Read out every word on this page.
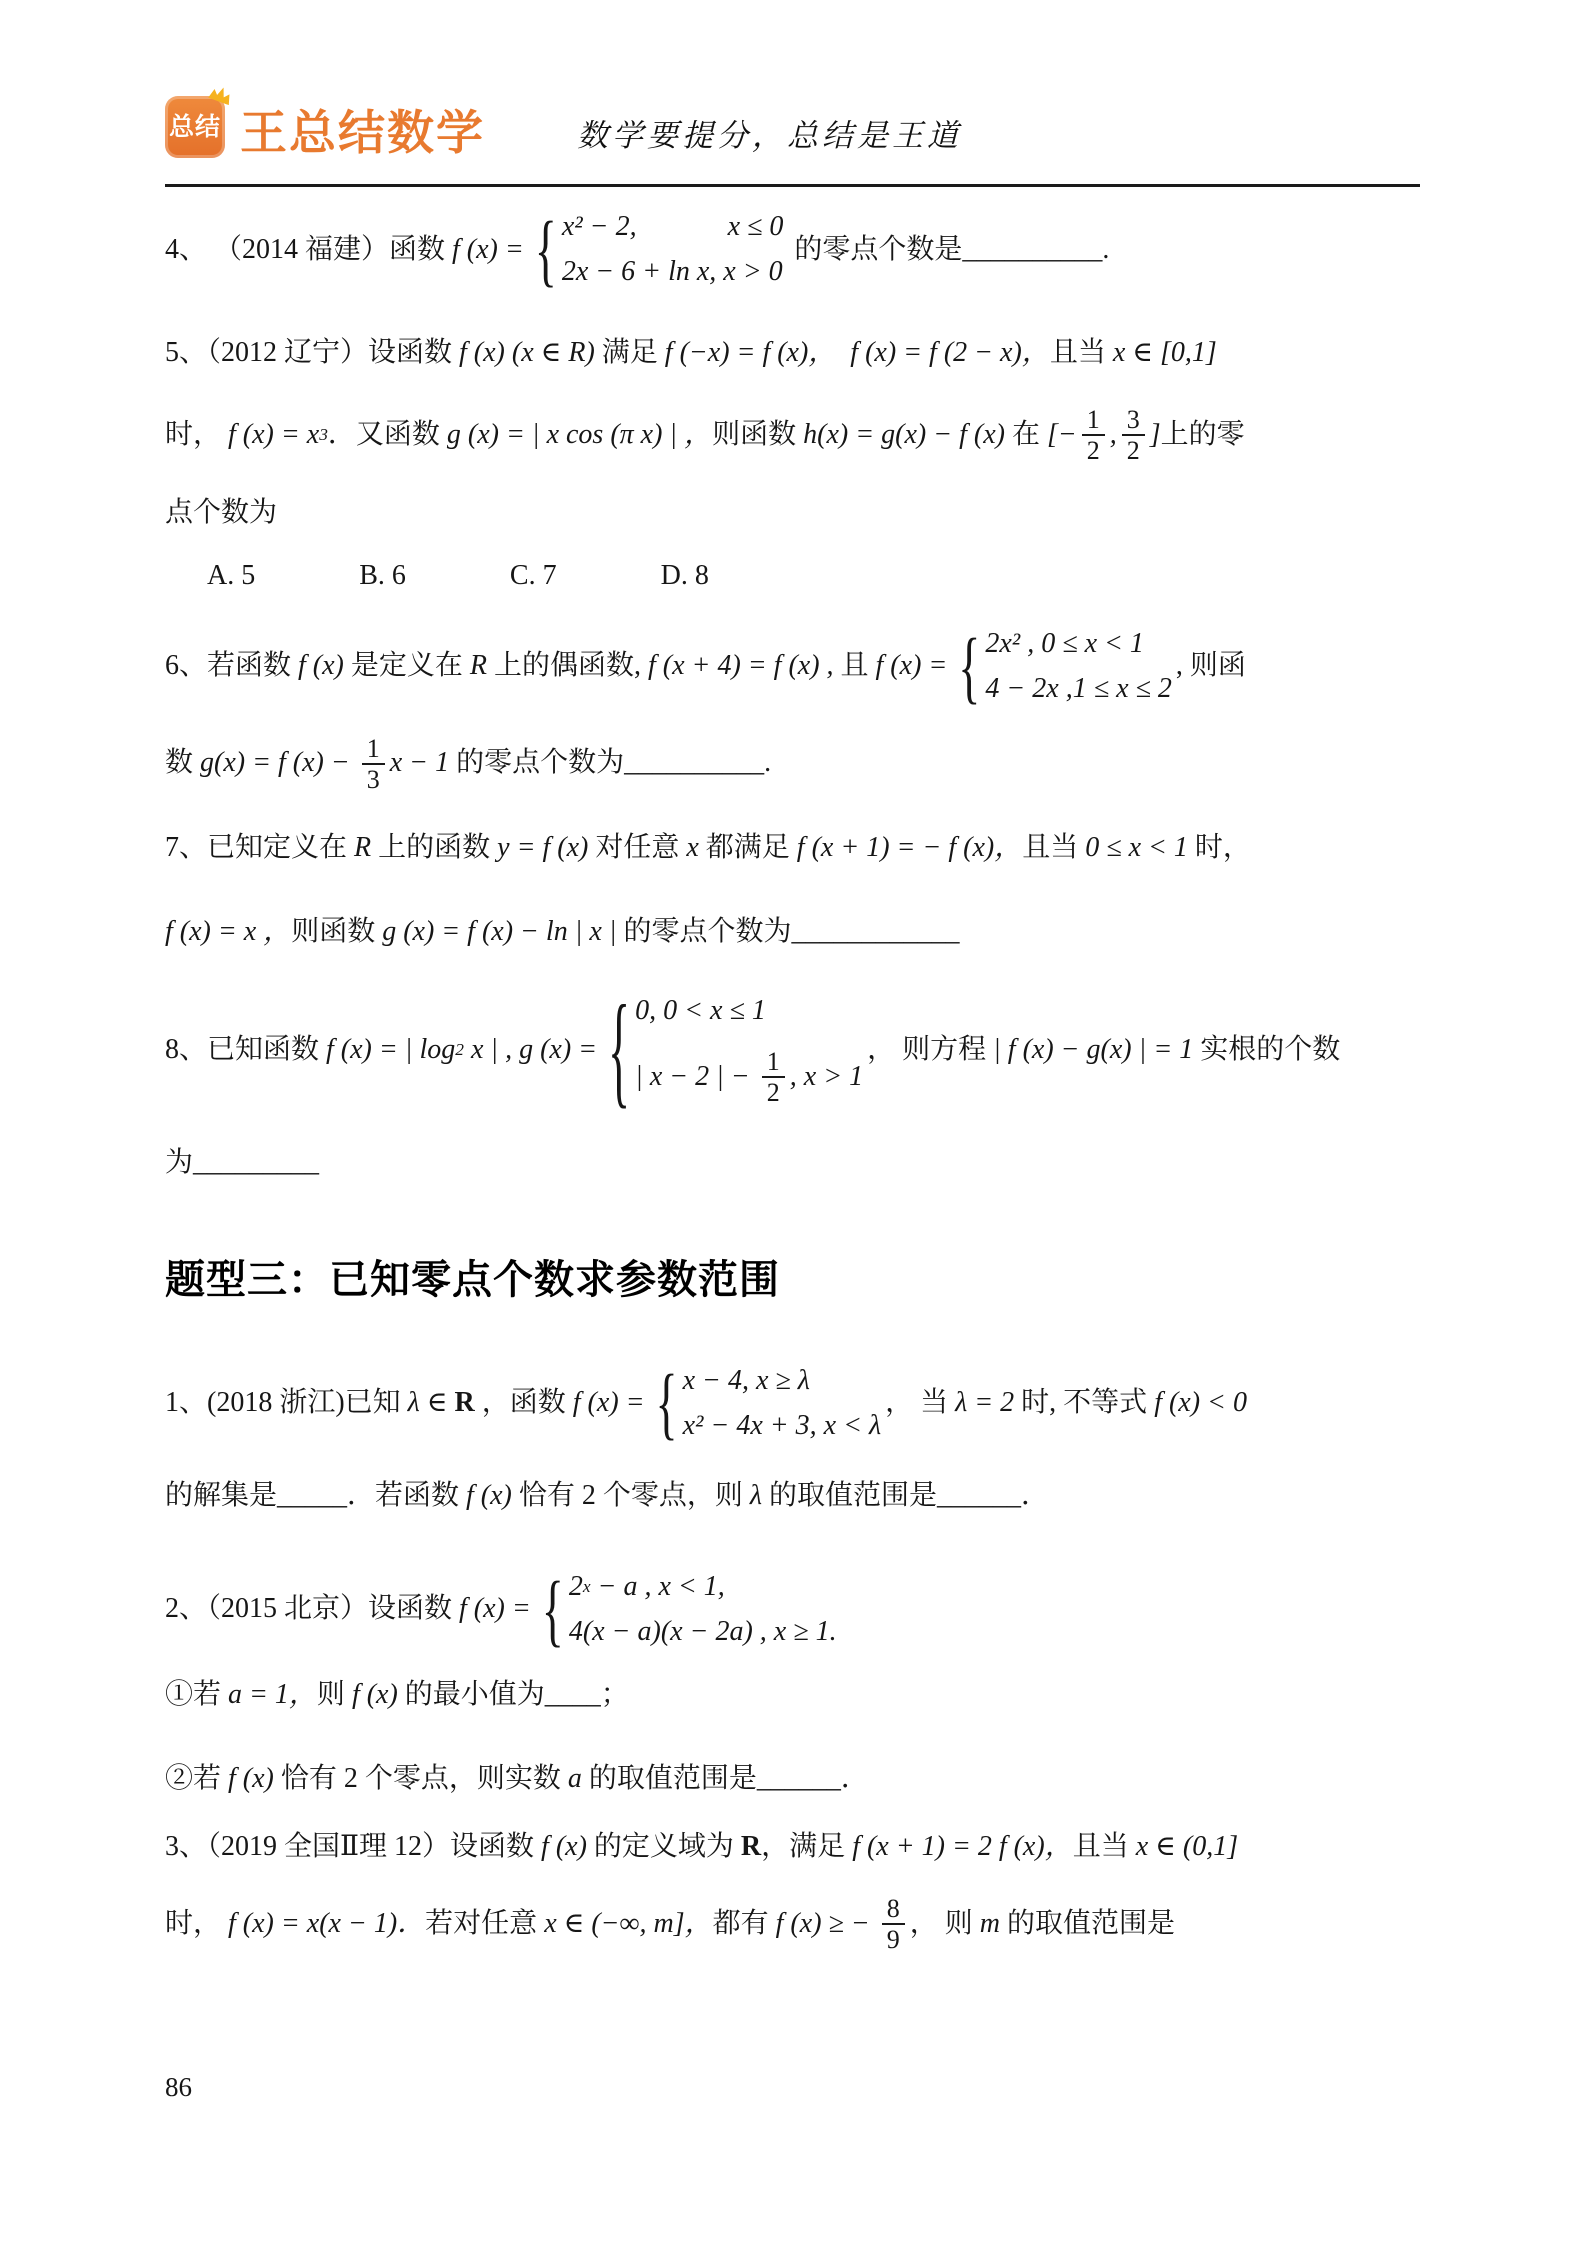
总结 王总结数学	数学要提分，总结是王道
4、 （2014 福建）函数 f (x) = { x² − 2,             x ≤ 0
2x − 6 + ln x, x > 0
的零点个数是__________.
5、（2012 辽宁）设函数 f (x) (x ∈ R) 满足 f (−x) = f (x)，  f (x) = f (2 − x)， 且当 x ∈ [0,1]
时， f (x) = x 3 ．又函数 g (x) = | x cos (π x) | ， 则函数 h(x) = g(x) − f (x) 在 [− $\frac{1}{2}$ , $\frac{3}{2}$ ] 上的零
点个数为
A. 5	B. 6	C. 7	D. 8
6、若函数 f (x) 是定义在 R 上的偶函数, f (x + 4) = f (x) , 且 f (x) = { 2x² , 0 ≤ x < 1
4 − 2x ,1 ≤ x ≤ 2
, 则函
数 g(x) = f $(x) - \frac{1}{3}$ x − 1 的零点个数为__________.
7、已知定义在 R 上的函数 y = f (x) 对任意 x 都满足 f (x + 1) = − f (x)， 且当 0 ≤ x < 1 时，
f (x) = x ， 则函数 g (x) = f (x) − ln | x | 的零点个数为____________
8、已知函数 f (x) = | log 2 x | , g (x) = { 0, 0 < x ≤ 1
| x − 2 | − $\frac{1}{2}$ , x > 1
， 则方程 | f (x) − g(x) | = 1 实根的个数
为_________
题型三：已知零点个数求参数范围
1、(2018 浙江)已知 λ ∈ R ， 函数 f (x) = { x − 4, x ≥ λ
x² − 4x + 3, x < λ
， 当 λ = 2 时, 不等式 f (x) < 0
的解集是_____．若函数 f (x) 恰有 2 个零点，则 λ 的取值范围是______．
2、（2015 北京）设函数 f (x) = { 2 x − a , x < 1,
4(x − a)(x − 2a) , x ≥ 1.
①若 a = 1， 则 f (x) 的最小值为____；
②若 f (x) 恰有 2 个零点，则实数 a 的取值范围是______．
3、（2019 全国Ⅱ理 12）设函数 f (x) 的定义域为 R ， 满足 f (x + 1) = 2 f (x)， 且当 x ∈ (0,1]
时， f (x) = x(x − 1)． 若对任意 x ∈ (−∞, m]， 都有 f (x) ≥ − $\frac{8}{9}$ ， 则 m 的取值范围是
86
